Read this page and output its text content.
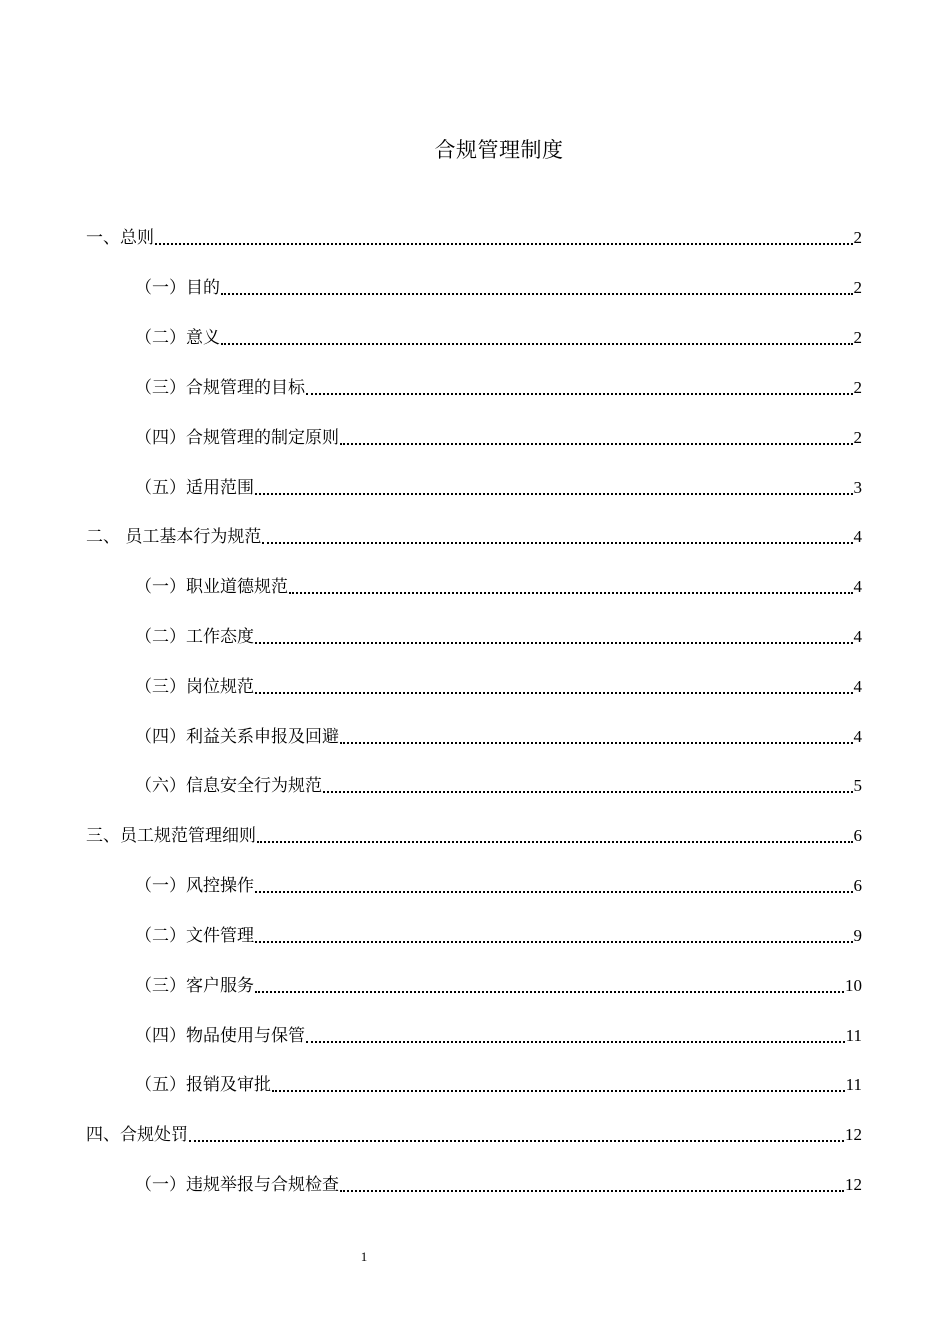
合规管理制度
一、总则	2
（一）目的	2
（二）意义	2
（三）合规管理的目标	2
（四）合规管理的制定原则	2
（五）适用范围	3
二、 员工基本行为规范	4
（一）职业道德规范	4
（二）工作态度	4
（三）岗位规范	4
（四）利益关系申报及回避	4
（六）信息安全行为规范	5
三、员工规范管理细则	6
（一）风控操作	6
（二）文件管理	9
（三）客户服务	10
（四）物品使用与保管	11
（五）报销及审批	11
四、合规处罚	12
（一）违规举报与合规检查	12
1
